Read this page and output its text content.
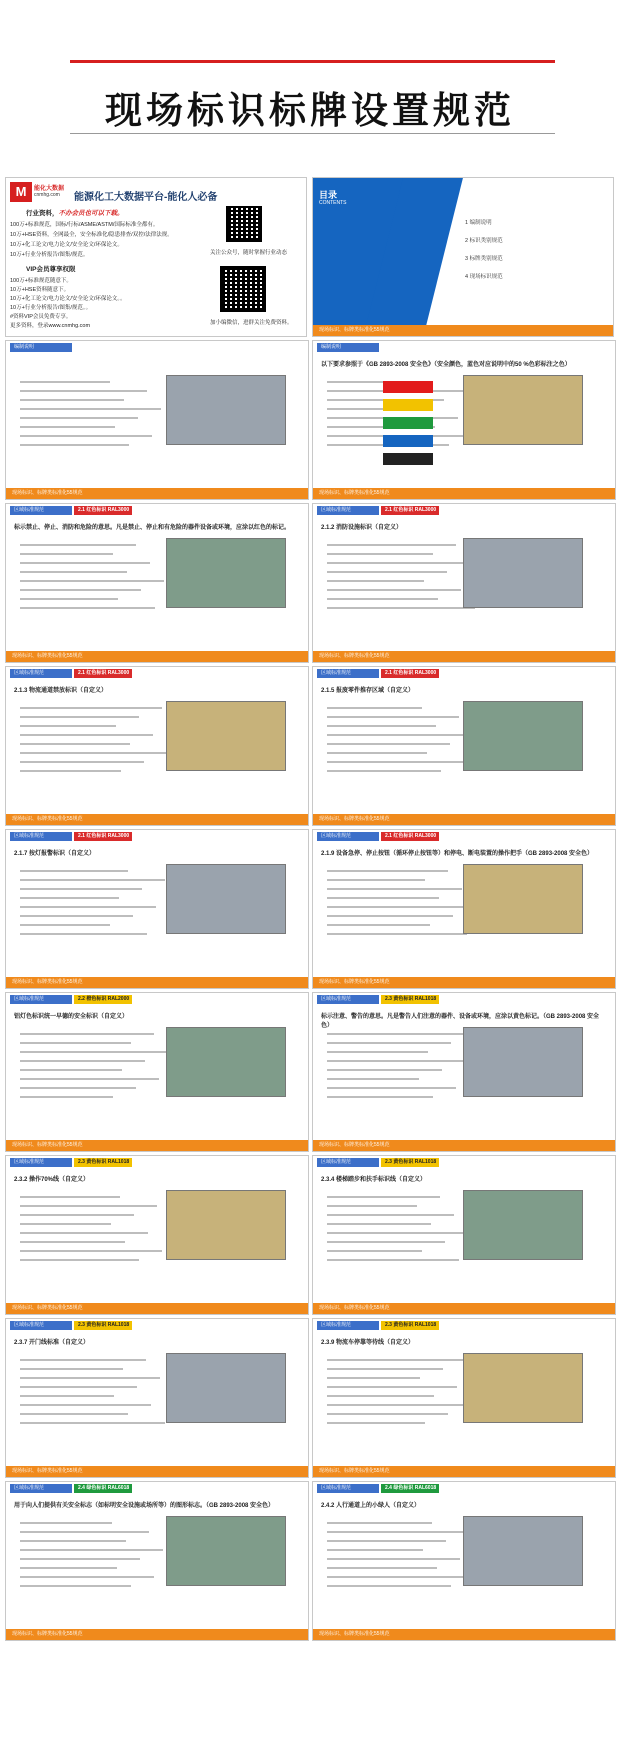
现场标识标牌设置规范
M	能化大数据
cnmhg.com 能源化工大数据平台-能化人必备
行业资料，不办会员也可以下载。
100万+标准规范，国标/行标/ASME/ASTM/国际标准全都有。
10万+HSE资料，全网最全，安全标准化/隐患排查/双控/法律法规。
10万+化工论文/电力论文/安全论文/环保论文。
10万+行业分析报告/图集/规范。
VIP会员尊享权限
100万+标准规范随意下。
10万+HSE资料随意下。
10万+化工论文/电力论文/安全论文/环保论文。。
10万+行业分析报告/图集/规范。。
#资料VIP会员免费专享。
更多资料，登录www.cnmhg.com
关注公众号，随时掌握行业动态
加小编微信，进群关注免费资料。
目录
CONTENTS
1 编制说明
2 标识类别规范
3 标牌类别规范
4 现场标识规范
现场标识、标牌类标准化55规范
编制说明
现场标识、标牌类标准化55规范
编制说明
以下要求参照于《GB 2893-2008 安全色》（安全颜色，蓝色对应说明中的50 %色彩标注之色）
现场标识、标牌类标准化55规范
区域标准规范	2.1 红色标识 RAL3000
标示禁止、停止、消防和危险的意思。凡是禁止、停止和有危险的器件设备或环境，应涂以红色的标记。
现场标识、标牌类标准化55规范
区域标准规范	2.1 红色标识 RAL3000
2.1.2 消防设施标识（自定义）
现场标识、标牌类标准化55规范
区域标准规范	2.1 红色标识 RAL3000
2.1.3 物流通道禁放标识（自定义）
现场标识、标牌类标准化55规范
区域标准规范	2.1 红色标识 RAL3000
2.1.5 报废零件推存区域（自定义）
现场标识、标牌类标准化55规范
区域标准规范	2.1 红色标识 RAL3000
2.1.7 按灯报警标识（自定义）
现场标识、标牌类标准化55规范
区域标准规范	2.1 红色标识 RAL3000
2.1.9 设备急停、停止按钮（循环停止按钮等）和停电、断电装置的操作把手（GB 2893-2008 安全色）
现场标识、标牌类标准化55规范
区域标准规范	2.2 橙色标识 RAL2000
铝灯色标识统一早德的安全标识（自定义）
现场标识、标牌类标准化55规范
区域标准规范	2.3 黄色标识 RAL1018
标示注意、警告的意思。凡是警告人们注意的器件、设备或环境，应涂以黄色标记。（GB 2893-2008 安全色）
现场标识、标牌类标准化55规范
区域标准规范	2.3 黄色标识 RAL1018
2.3.2 操作70%线（自定义）
现场标识、标牌类标准化55规范
区域标准规范	2.3 黄色标识 RAL1018
2.3.4 楼梯踏步和扶手标识线（自定义）
现场标识、标牌类标准化55规范
区域标准规范	2.3 黄色标识 RAL1018
2.3.7 开门线标准（自定义）
现场标识、标牌类标准化55规范
区域标准规范	2.3 黄色标识 RAL1018
2.3.9 物流车停靠等待线（自定义）
现场标识、标牌类标准化55规范
区域标准规范	2.4 绿色标识 RAL6018
用于向人们提供有关安全标志（如标明安全设施或场所等）的图形标志。（GB 2893-2008 安全色）
现场标识、标牌类标准化55规范
区域标准规范	2.4 绿色标识 RAL6018
2.4.2 人行通道上的小绿人（自定义）
现场标识、标牌类标准化55规范
